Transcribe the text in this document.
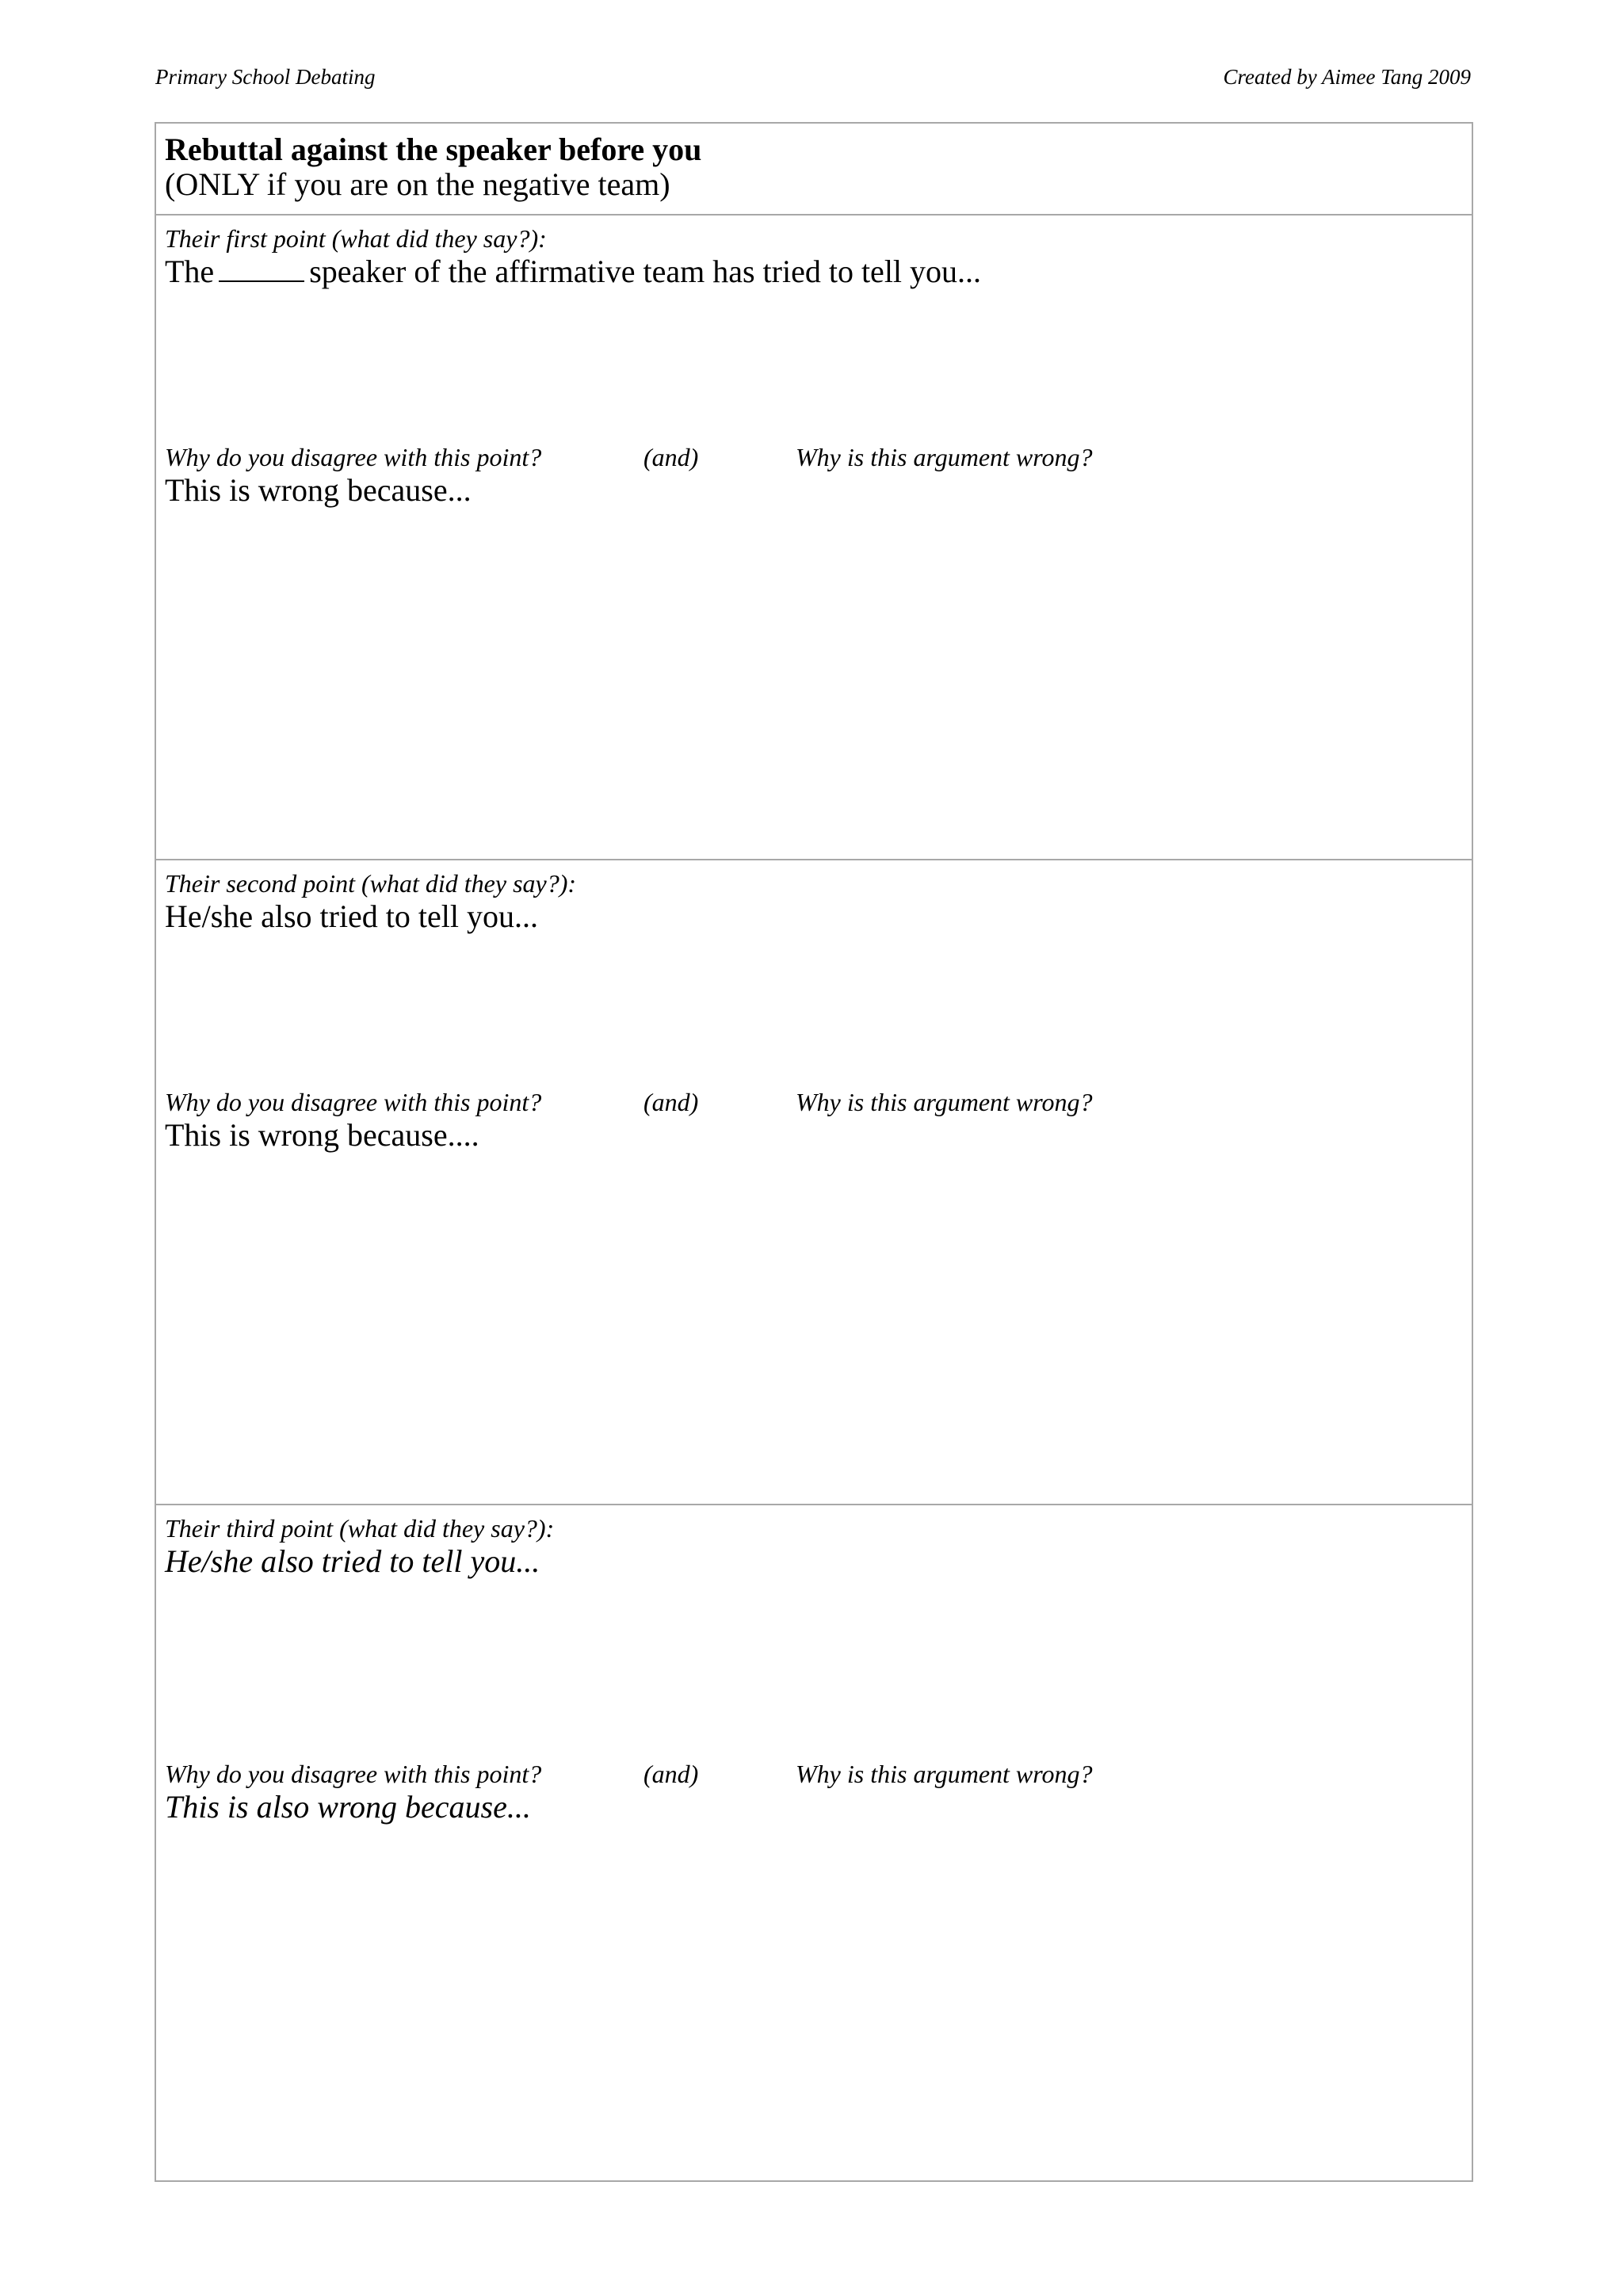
Primary School Debating	Created by Aimee Tang 2009
Rebuttal against the speaker before you
(ONLY if you are on the negative team)
Their first point (what did they say?):
The	speaker of the affirmative team has tried to tell you...
Why do you disagree with this point?	(and)	Why is this argument wrong?
This is wrong because...
Their second point (what did they say?):
He/she also tried to tell you...
Why do you disagree with this point?	(and)	Why is this argument wrong?
This is wrong because....
Their third point (what did they say?):
He/she also tried to tell you...
Why do you disagree with this point?	(and)	Why is this argument wrong?
This is also wrong because...
